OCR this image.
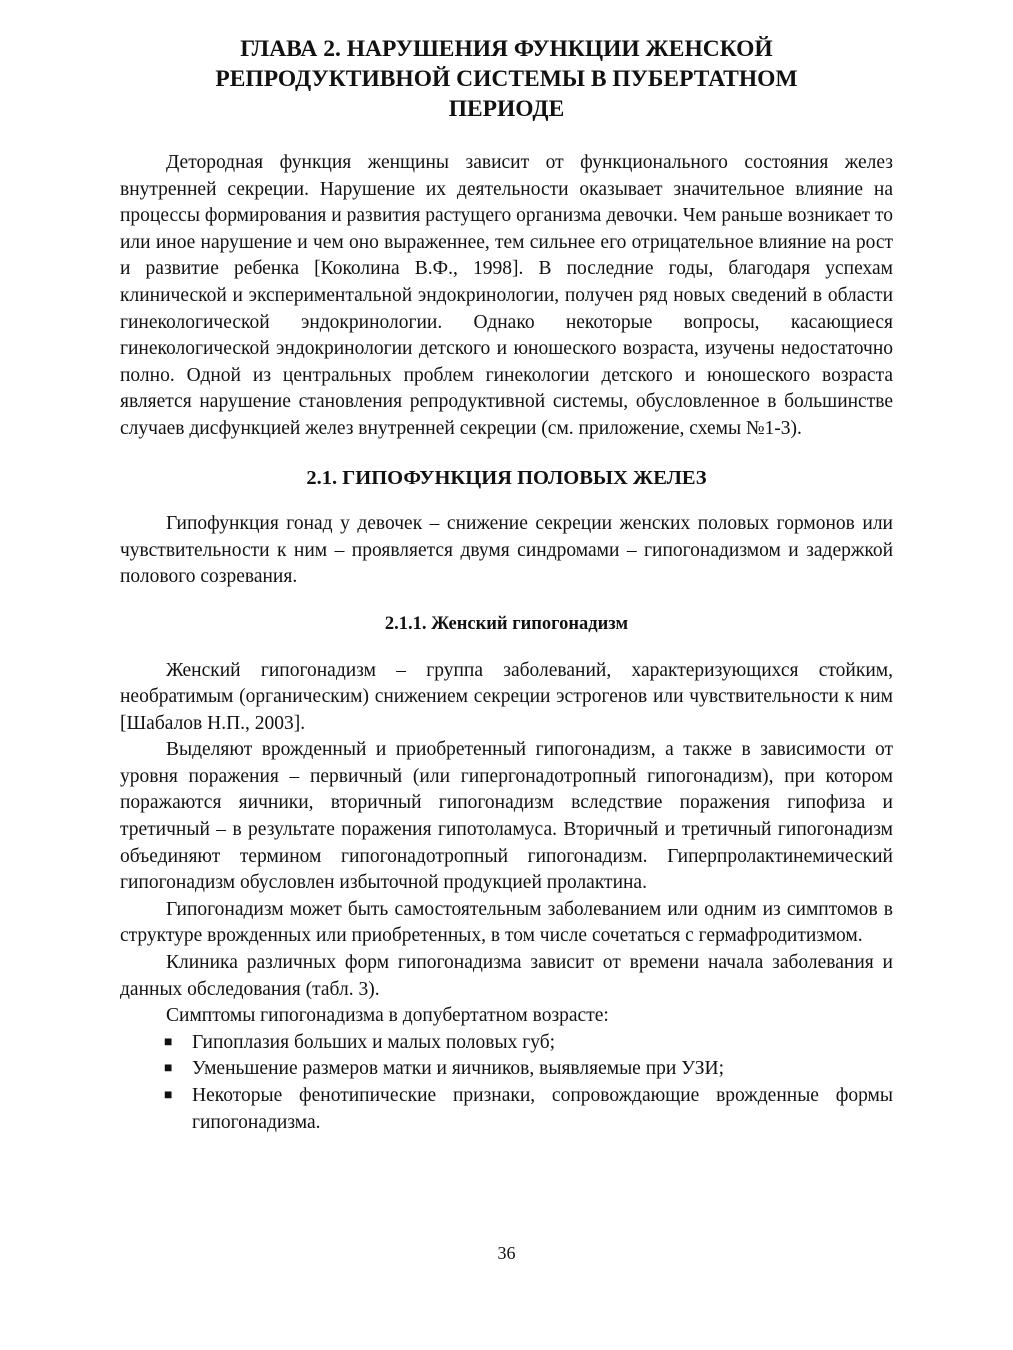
ГЛАВА 2. НАРУШЕНИЯ ФУНКЦИИ ЖЕНСКОЙ
РЕПРОДУКТИВНОЙ СИСТЕМЫ В ПУБЕРТАТНОМ
ПЕРИОДЕ

Детородная функция женщины зависит от функционального состояния желез внутренней секреции. Нарушение их деятельности оказывает значительное влияние на процессы формирования и развития растущего организма девочки. Чем раньше возникает то или иное нарушение и чем оно выраженнее, тем сильнее его отрицательное влияние на рост и развитие ребенка [Коколина В.Ф., 1998]. В последние годы, благодаря успехам клинической и экспериментальной эндокринологии, получен ряд новых сведений в области гинекологической эндокринологии. Однако некоторые вопросы, касающиеся гинекологической эндокринологии детского и юношеского возраста, изучены недостаточно полно. Одной из центральных проблем гинекологии детского и юношеского возраста является нарушение становления репродуктивной системы, обусловленное в большинстве случаев дисфункцией желез внутренней секреции (см. приложение, схемы №1-3).

2.1. ГИПОФУНКЦИЯ ПОЛОВЫХ ЖЕЛЕЗ

Гипофункция гонад у девочек – снижение секреции женских половых гормонов или чувствительности к ним – проявляется двумя синдромами – гипогонадизмом и задержкой полового созревания.

2.1.1. Женский гипогонадизм

Женский гипогонадизм – группа заболеваний, характеризующихся стойким, необратимым (органическим) снижением секреции эстрогенов или чувствительности к ним [Шабалов Н.П., 2003].

Выделяют врожденный и приобретенный гипогонадизм, а также в зависимости от уровня поражения – первичный (или гипергонадотропный гипогонадизм), при котором поражаются яичники, вторичный гипогонадизм вследствие поражения гипофиза и третичный – в результате поражения гипотоламуса. Вторичный и третичный гипогонадизм объединяют термином гипогонадотропный гипогонадизм. Гиперпролактинемический гипогонадизм обусловлен избыточной продукцией пролактина.

Гипогонадизм может быть самостоятельным заболеванием или одним из симптомов в структуре врожденных или приобретенных, в том числе сочетаться с гермафродитизмом.

Клиника различных форм гипогонадизма зависит от времени начала заболевания и данных обследования (табл. 3).

Симптомы гипогонадизма в допубертатном возрасте:

■ Гипоплазия больших и малых половых губ;
■ Уменьшение размеров матки и яичников, выявляемые при УЗИ;
■ Некоторые фенотипические признаки, сопровождающие врожденные формы гипогонадизма.
36
